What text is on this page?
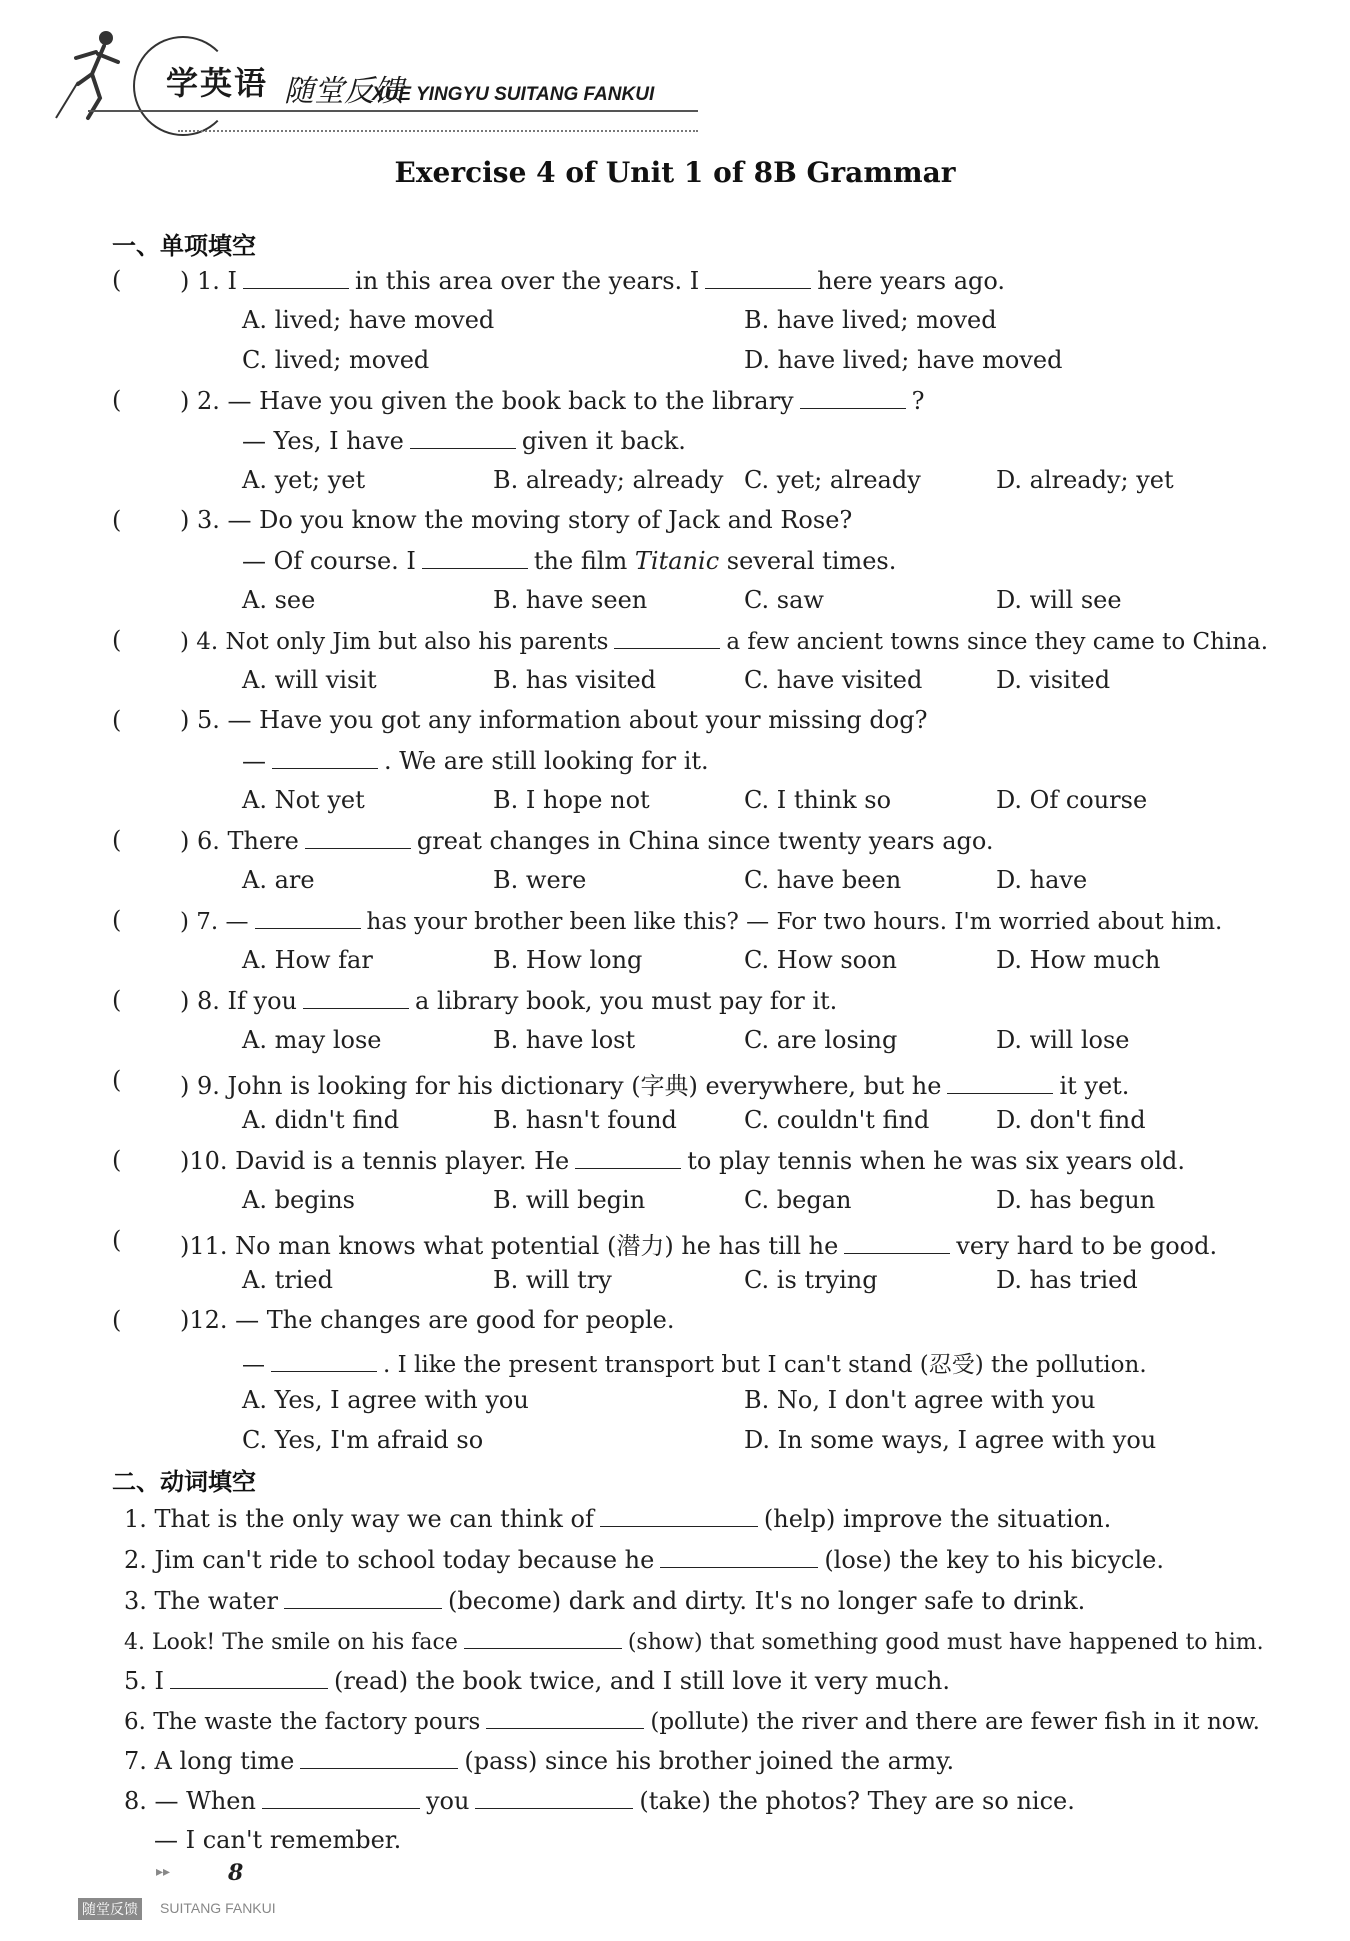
学英语 随堂反馈
XUE YINGYU SUITANG FANKUI
Exercise 4 of Unit 1 of 8B Grammar
一、单项填空
( ) 1. I	in this area over the years. I	here years ago.
A. lived; have moved	B. have lived; moved
C. lived; moved	D. have lived; have moved
( ) 2. — Have you given the book back to the library	?
— Yes, I have	given it back.
A. yet; yet	B. already; already C. yet; already	D. already; yet
( ) 3. — Do you know the moving story of Jack and Rose?
— Of course. I	the film Titanic several times.
A. see	B. have seen	C. saw	D. will see
(	) 4. Not only Jim but also his parents	a few ancient towns since they came to China.
A. will visit	B. has visited	C. have visited	D. visited
( ) 5. — Have you got any information about your missing dog?
—	. We are still looking for it.
A. Not yet	B. I hope not	C. I think so	D. Of course
( ) 6. There	great changes in China since twenty years ago.
A. are	B. were	C. have been	D. have
(	) 7. —	has your brother been like this? — For two hours. I'm worried about him.
A. How far	B. How long	C. How soon	D. How much
( ) 8. If you	a library book, you must pay for it.
A. may lose	B. have lost	C. are losing	D. will lose
( ) 9. John is looking for his dictionary (字典) everywhere, but he	it yet.
A. didn't find	B. hasn't found	C. couldn't find	D. don't find
( )10. David is a tennis player. He	to play tennis when he was six years old.
A. begins	B. will begin	C. began	D. has begun
( )11. No man knows what potential (潜力) he has till he	very hard to be good.
A. tried	B. will try	C. is trying	D. has tried
( )12. — The changes are good for people.
—	. I like the present transport but I can't stand (忍受) the pollution.
A. Yes, I agree with you	B. No, I don't agree with you
C. Yes, I'm afraid so	D. In some ways, I agree with you
二、动词填空
1. That is the only way we can think of	(help) improve the situation.
2. Jim can't ride to school today because he	(lose) the key to his bicycle.
3. The water	(become) dark and dirty. It's no longer safe to drink.
4. Look! The smile on his face	(show) that something good must have happened to him.
5. I	(read) the book twice, and I still love it very much.
6. The waste the factory pours	(pollute) the river and there are fewer fish in it now.
7. A long time	(pass) since his brother joined the army.
8. — When	you	(take) the photos? They are so nice.
— I can't remember.
▸▸	8
随堂反馈 SUITANG FANKUI
